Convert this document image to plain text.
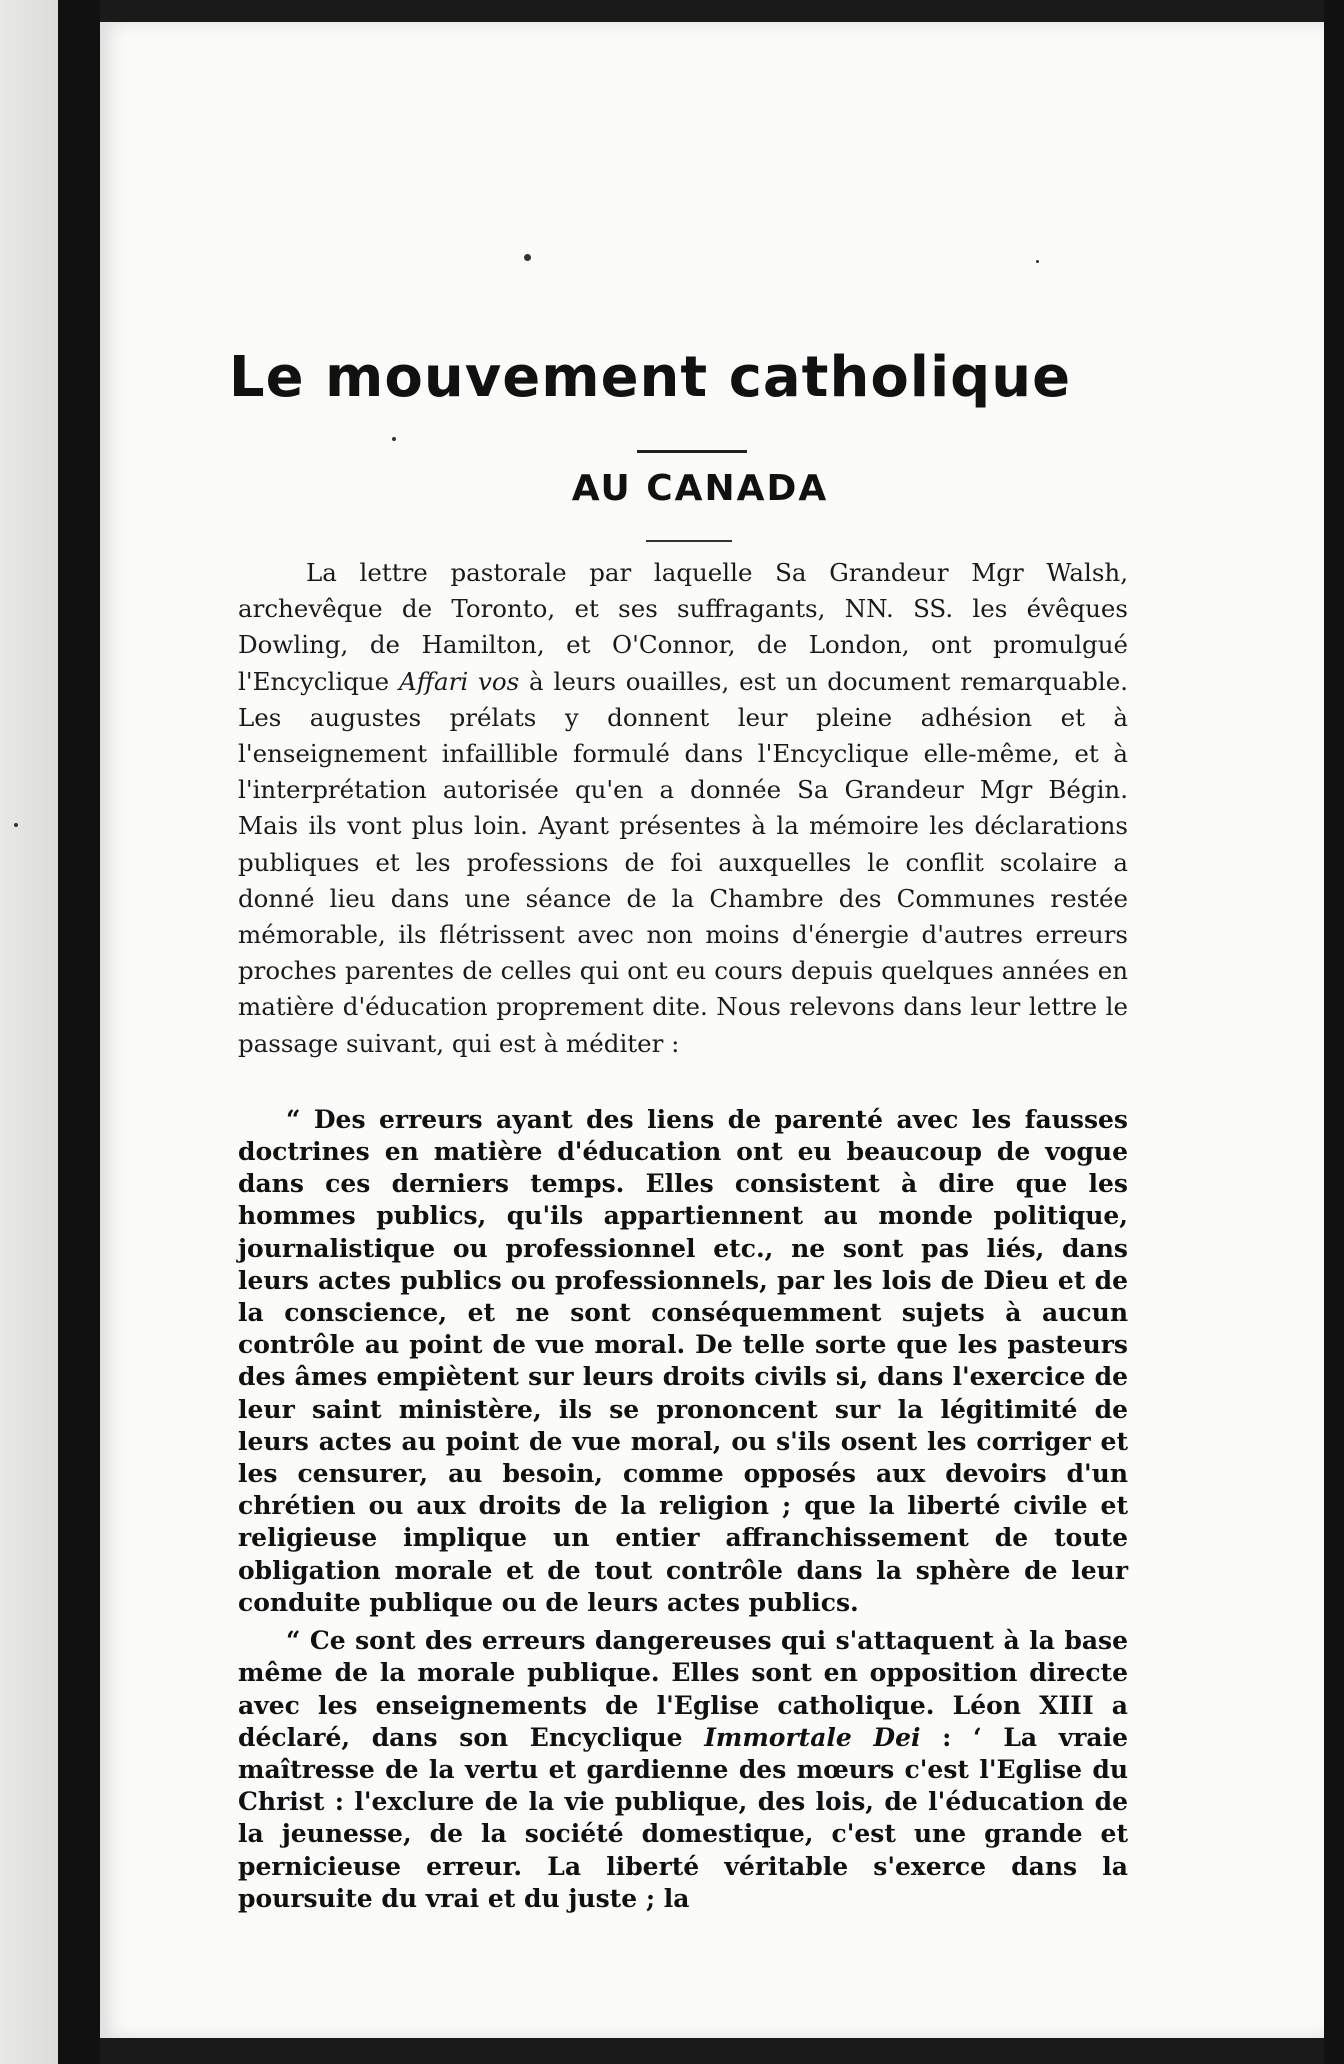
Le mouvement catholique
AU CANADA

La lettre pastorale par laquelle Sa Grandeur Mgr Walsh, archevêque de Toronto, et ses suffragants, NN. SS. les évêques Dowling, de Hamilton, et O'Connor, de London, ont promulgué l'Encyclique Affari vos à leurs ouailles, est un document remarquable. Les augustes prélats y donnent leur pleine adhésion et à l'enseignement infaillible formulé dans l'Encyclique elle-même, et à l'interprétation autorisée qu'en a donnée Sa Grandeur Mgr Bégin. Mais ils vont plus loin. Ayant présentes à la mémoire les déclarations publiques et les professions de foi auxquelles le conflit scolaire a donné lieu dans une séance de la Chambre des Communes restée mémorable, ils flétrissent avec non moins d'énergie d'autres erreurs proches parentes de celles qui ont eu cours depuis quelques années en matière d'éducation proprement dite. Nous relevons dans leur lettre le passage suivant, qui est à méditer :

“ Des erreurs ayant des liens de parenté avec les fausses doctrines en matière d'éducation ont eu beaucoup de vogue dans ces derniers temps. Elles consistent à dire que les hommes publics, qu'ils appartiennent au monde politique, journalistique ou professionnel etc., ne sont pas liés, dans leurs actes publics ou professionnels, par les lois de Dieu et de la conscience, et ne sont conséquemment sujets à aucun contrôle au point de vue moral. De telle sorte que les pasteurs des âmes empiètent sur leurs droits civils si, dans l'exercice de leur saint ministère, ils se prononcent sur la légitimité de leurs actes au point de vue moral, ou s'ils osent les corriger et les censurer, au besoin, comme opposés aux devoirs d'un chrétien ou aux droits de la religion ; que la liberté civile et religieuse implique un entier affranchissement de toute obligation morale et de tout contrôle dans la sphère de leur conduite publique ou de leurs actes publics.

“ Ce sont des erreurs dangereuses qui s'attaquent à la base même de la morale publique. Elles sont en opposition directe avec les enseignements de l'Eglise catholique. Léon XIII a déclaré, dans son Encyclique Immortale Dei : ‘ La vraie maîtresse de la vertu et gardienne des mœurs c'est l'Eglise du Christ : l'exclure de la vie publique, des lois, de l'éducation de la jeunesse, de la société domestique, c'est une grande et pernicieuse erreur. La liberté véritable s'exerce dans la poursuite du vrai et du juste ; la
